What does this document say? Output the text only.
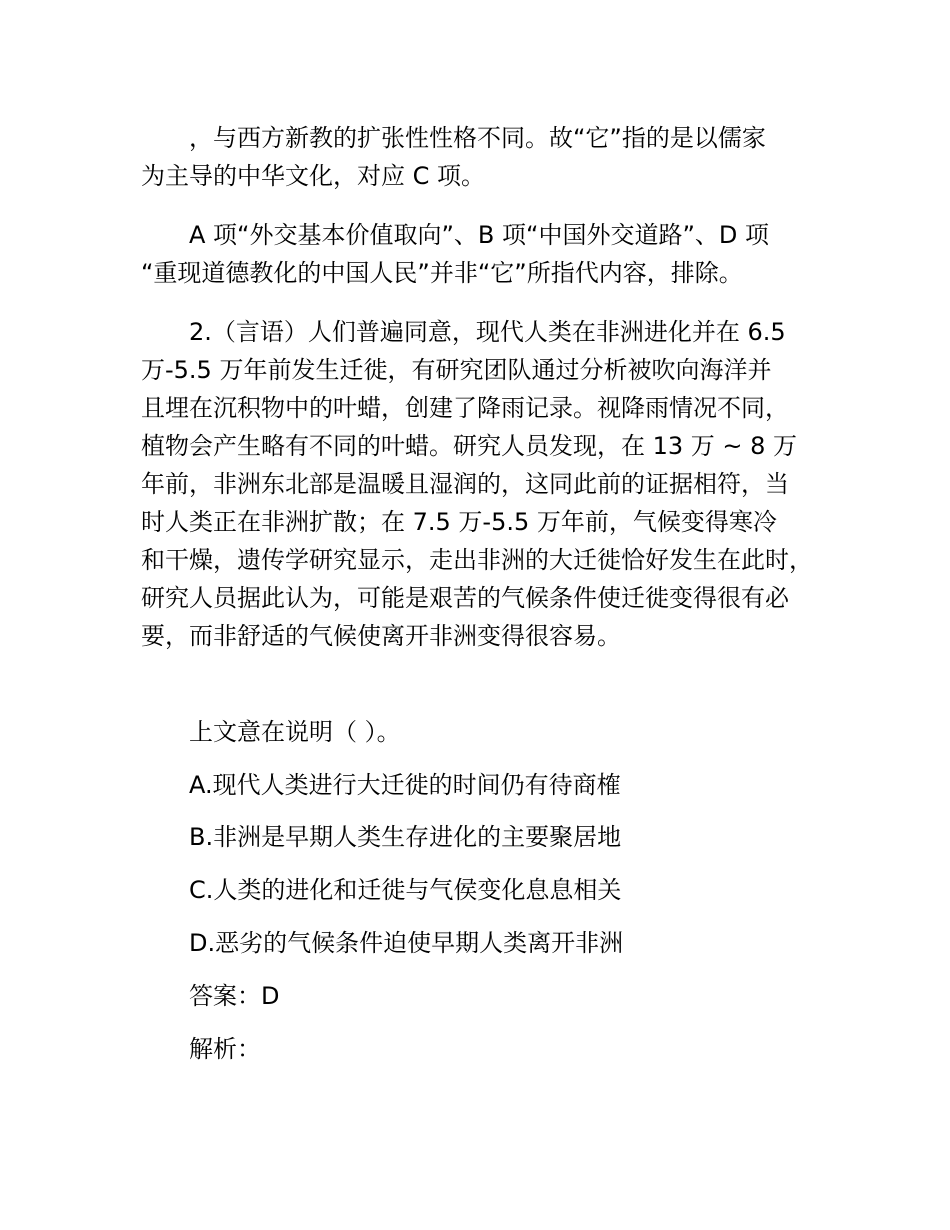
，与西方新教的扩张性性格不同。故“它”指的是以儒家
为主导的中华文化，对应 C 项。

A 项“外交基本价值取向”、B 项“中国外交道路”、D 项
“重现道德教化的中国人民”并非“它”所指代内容，排除。

2.（言语）人们普遍同意，现代人类在非洲进化并在 6.5
万-5.5 万年前发生迁徙，有研究团队通过分析被吹向海洋并
且埋在沉积物中的叶蜡，创建了降雨记录。视降雨情况不同，
植物会产生略有不同的叶蜡。研究人员发现，在 13 万 ~ 8 万
年前，非洲东北部是温暖且湿润的，这同此前的证据相符，当
时人类正在非洲扩散；在 7.5 万-5.5 万年前，气候变得寒冷
和干燥，遗传学研究显示，走出非洲的大迁徙恰好发生在此时，
研究人员据此认为，可能是艰苦的气候条件使迁徙变得很有必
要，而非舒适的气候使离开非洲变得很容易。

上文意在说明（ ）。

A.现代人类进行大迁徙的时间仍有待商榷

B.非洲是早期人类生存进化的主要聚居地

C.人类的进化和迁徙与气侯变化息息相关

D.恶劣的气候条件迫使早期人类离开非洲

答案：D

解析：
